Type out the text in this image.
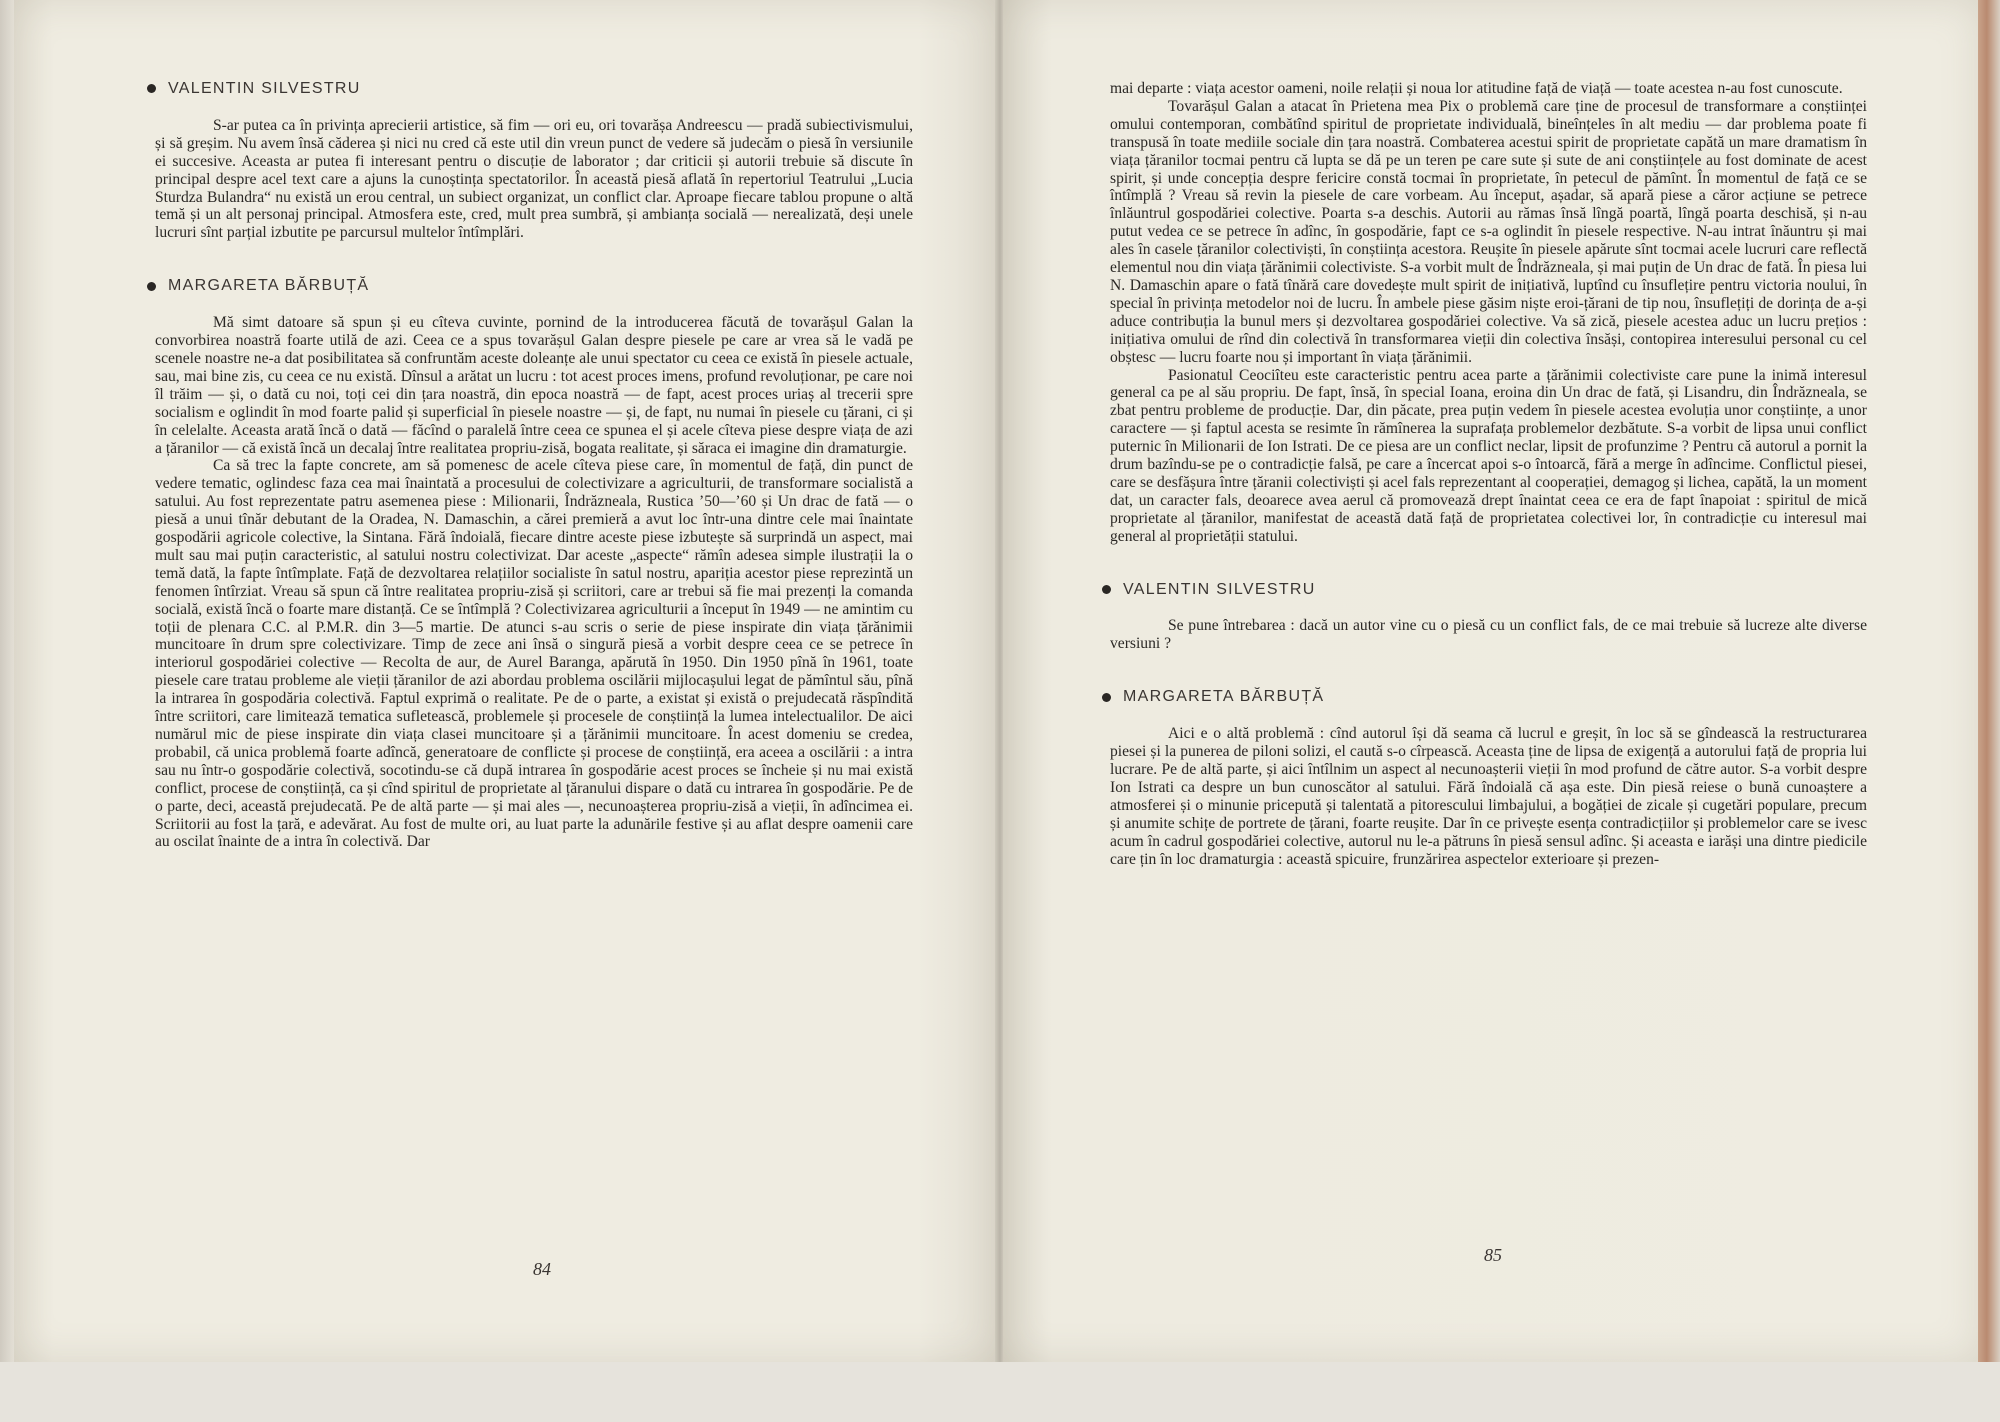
VALENTIN SILVESTRU

S-ar putea ca în privința aprecierii artistice, să fim — ori eu, ori tovarășa Andreescu — pradă subiectivismului, și să greșim. Nu avem însă căderea și nici nu cred că este util din vreun punct de vedere să judecăm o piesă în versiunile ei succesive. Aceasta ar putea fi interesant pentru o discuție de laborator ; dar criticii și autorii trebuie să discute în principal despre acel text care a ajuns la cunoștința spectatorilor. În această piesă aflată în repertoriul Teatrului „Lucia Sturdza Bulandra“ nu există un erou central, un subiect organizat, un conflict clar. Aproape fiecare tablou propune o altă temă și un alt personaj principal. Atmosfera este, cred, mult prea sumbră, și ambianța socială — nerealizată, deși unele lucruri sînt parțial izbutite pe parcursul multelor întîmplări.

MARGARETA BĂRBUȚĂ

Mă simt datoare să spun și eu cîteva cuvinte, pornind de la introducerea făcută de tovarășul Galan la convorbirea noastră foarte utilă de azi. Ceea ce a spus tovarășul Galan despre piesele pe care ar vrea să le vadă pe scenele noastre ne-a dat posibilitatea să confruntăm aceste doleanțe ale unui spectator cu ceea ce există în piesele actuale, sau, mai bine zis, cu ceea ce nu există. Dînsul a arătat un lucru : tot acest proces imens, profund revoluționar, pe care noi îl trăim — și, o dată cu noi, toți cei din țara noastră, din epoca noastră — de fapt, acest proces uriaș al trecerii spre socialism e oglindit în mod foarte palid și superficial în piesele noastre — și, de fapt, nu numai în piesele cu țărani, ci și în celelalte. Aceasta arată încă o dată — făcînd o paralelă între ceea ce spunea el și acele cîteva piese despre viața de azi a țăranilor — că există încă un decalaj între realitatea propriu-zisă, bogata realitate, și săraca ei imagine din dramaturgie.

Ca să trec la fapte concrete, am să pomenesc de acele cîteva piese care, în momentul de față, din punct de vedere tematic, oglindesc faza cea mai înaintată a procesului de colectivizare a agriculturii, de transformare socialistă a satului. Au fost reprezentate patru asemenea piese : Milionarii, Îndrăzneala, Rustica ’50—’60 și Un drac de fată — o piesă a unui tînăr debutant de la Oradea, N. Damaschin, a cărei premieră a avut loc într-una dintre cele mai înaintate gospodării agricole colective, la Sintana. Fără îndoială, fiecare dintre aceste piese izbutește să surprindă un aspect, mai mult sau mai puțin caracteristic, al satului nostru colectivizat. Dar aceste „aspecte“ rămîn adesea simple ilustrații la o temă dată, la fapte întîmplate. Față de dezvoltarea relațiilor socialiste în satul nostru, apariția acestor piese reprezintă un fenomen întîrziat. Vreau să spun că între realitatea propriu-zisă și scriitori, care ar trebui să fie mai prezenți la comanda socială, există încă o foarte mare distanță. Ce se întîmplă ? Colectivizarea agriculturii a început în 1949 — ne amintim cu toții de plenara C.C. al P.M.R. din 3—5 martie. De atunci s-au scris o serie de piese inspirate din viața țărănimii muncitoare în drum spre colectivizare. Timp de zece ani însă o singură piesă a vorbit despre ceea ce se petrece în interiorul gospodăriei colective — Recolta de aur, de Aurel Baranga, apărută în 1950. Din 1950 pînă în 1961, toate piesele care tratau probleme ale vieții țăranilor de azi abordau problema oscilării mijlocașului legat de pămîntul său, pînă la intrarea în gospodăria colectivă. Faptul exprimă o realitate. Pe de o parte, a existat și există o prejudecată răspîndită între scriitori, care limitează tematica sufletească, problemele și procesele de conștiință la lumea intelectualilor. De aici numărul mic de piese inspirate din viața clasei muncitoare și a țărănimii muncitoare. În acest domeniu se credea, probabil, că unica problemă foarte adîncă, generatoare de conflicte și procese de conștiință, era aceea a oscilării : a intra sau nu într-o gospodărie colectivă, socotindu-se că după intrarea în gospodărie acest proces se încheie și nu mai există conflict, procese de conștiință, ca și cînd spiritul de proprietate al țăranului dispare o dată cu intrarea în gospodărie. Pe de o parte, deci, această prejudecată. Pe de altă parte — și mai ales —, necunoașterea propriu-zisă a vieții, în adîncimea ei. Scriitorii au fost la țară, e adevărat. Au fost de multe ori, au luat parte la adunările festive și au aflat despre oamenii care au oscilat înainte de a intra în colectivă. Dar

84

mai departe : viața acestor oameni, noile relații și noua lor atitudine față de viață — toate acestea n-au fost cunoscute.

Tovarășul Galan a atacat în Prietena mea Pix o problemă care ține de procesul de transformare a conștiinței omului contemporan, combătînd spiritul de proprietate individuală, bineînțeles în alt mediu — dar problema poate fi transpusă în toate mediile sociale din țara noastră. Combaterea acestui spirit de proprietate capătă un mare dramatism în viața țăranilor tocmai pentru că lupta se dă pe un teren pe care sute și sute de ani conștiințele au fost dominate de acest spirit, și unde concepția despre fericire constă tocmai în proprietate, în petecul de pămînt. În momentul de față ce se întîmplă ? Vreau să revin la piesele de care vorbeam. Au început, așadar, să apară piese a căror acțiune se petrece înlăuntrul gospodăriei colective. Poarta s-a deschis. Autorii au rămas însă lîngă poartă, lîngă poarta deschisă, și n-au putut vedea ce se petrece în adînc, în gospodărie, fapt ce s-a oglindit în piesele respective. N-au intrat înăuntru și mai ales în casele țăranilor colectiviști, în conștiința acestora. Reușite în piesele apărute sînt tocmai acele lucruri care reflectă elementul nou din viața țărănimii colectiviste. S-a vorbit mult de Îndrăzneala, și mai puțin de Un drac de fată. În piesa lui N. Damaschin apare o fată tînără care dovedește mult spirit de inițiativă, luptînd cu însuflețire pentru victoria noului, în special în privința metodelor noi de lucru. În ambele piese găsim niște eroi-țărani de tip nou, însuflețiți de dorința de a-și aduce contribuția la bunul mers și dezvoltarea gospodăriei colective. Va să zică, piesele acestea aduc un lucru prețios : inițiativa omului de rînd din colectivă în transformarea vieții din colectiva însăși, contopirea interesului personal cu cel obștesc — lucru foarte nou și important în viața țărănimii.

Pasionatul Ceociîteu este caracteristic pentru acea parte a țărănimii colectiviste care pune la inimă interesul general ca pe al său propriu. De fapt, însă, în special Ioana, eroina din Un drac de fată, și Lisandru, din Îndrăzneala, se zbat pentru probleme de producție. Dar, din păcate, prea puțin vedem în piesele acestea evoluția unor conștiințe, a unor caractere — și faptul acesta se resimte în rămînerea la suprafața problemelor dezbătute. S-a vorbit de lipsa unui conflict puternic în Milionarii de Ion Istrati. De ce piesa are un conflict neclar, lipsit de profunzime ? Pentru că autorul a pornit la drum bazîndu-se pe o contradicție falsă, pe care a încercat apoi s-o întoarcă, fără a merge în adîncime. Conflictul piesei, care se desfășura între țăranii colectiviști și acel fals reprezentant al cooperației, demagog și lichea, capătă, la un moment dat, un caracter fals, deoarece avea aerul că promovează drept înaintat ceea ce era de fapt înapoiat : spiritul de mică proprietate al țăranilor, manifestat de această dată față de proprietatea colectivei lor, în contradicție cu interesul mai general al proprietății statului.

VALENTIN SILVESTRU

Se pune întrebarea : dacă un autor vine cu o piesă cu un conflict fals, de ce mai trebuie să lucreze alte diverse versiuni ?

MARGARETA BĂRBUȚĂ

Aici e o altă problemă : cînd autorul își dă seama că lucrul e greșit, în loc să se gîndească la restructurarea piesei și la punerea de piloni solizi, el caută s-o cîrpească. Aceasta ține de lipsa de exigență a autorului față de propria lui lucrare. Pe de altă parte, și aici întîlnim un aspect al necunoașterii vieții în mod profund de către autor. S-a vorbit despre Ion Istrati ca despre un bun cunoscător al satului. Fără îndoială că așa este. Din piesă reiese o bună cunoaștere a atmosferei și o minunie pricepută și talentată a pitorescului limbajului, a bogăției de zicale și cugetări populare, precum și anumite schițe de portrete de țărani, foarte reușite. Dar în ce privește esența contradicțiilor și problemelor care se ivesc acum în cadrul gospodăriei colective, autorul nu le-a pătruns în piesă sensul adînc. Și aceasta e iarăși una dintre piedicile care țin în loc dramaturgia : această spicuire, frunzărirea aspectelor exterioare și prezen-

85
